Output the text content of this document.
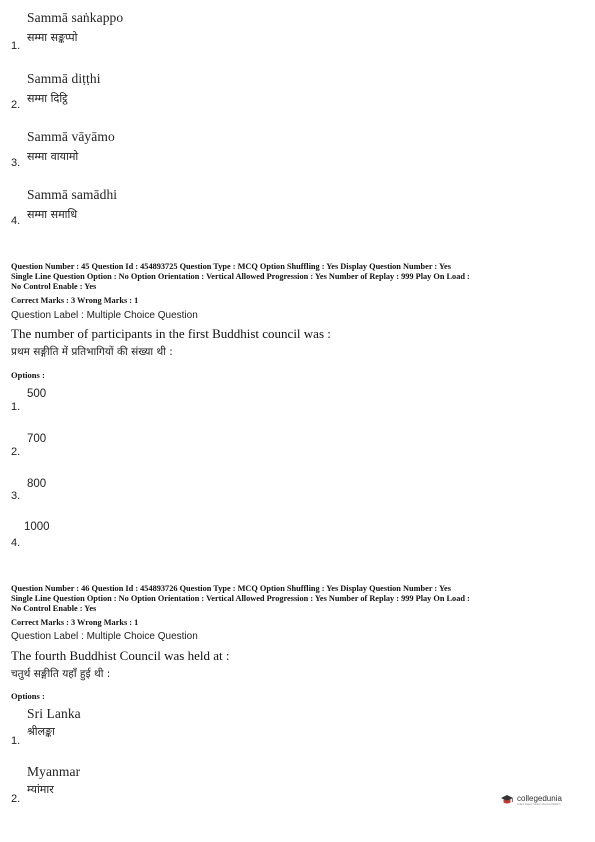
Sammā saṅkappo
सम्मा सङ्कप्पो
1.
Sammā diṭṭhi
सम्मा दिट्ठि
2.
Sammā vāyāmo
सम्मा वायामो
3.
Sammā samādhi
सम्मा समाधि
4.
Question Number : 45 Question Id : 454893725 Question Type : MCQ Option Shuffling : Yes Display Question Number : Yes
Single Line Question Option : No Option Orientation : Vertical Allowed Progression : Yes Number of Replay : 999 Play On Load :
No Control Enable : Yes
Correct Marks : 3 Wrong Marks : 1
Question Label : Multiple Choice Question
The number of participants in the first Buddhist council was :
प्रथम सङ्गीति में प्रतिभागियों की संख्या थी :
Options :
500
1.
700
2.
800
3.
1000
4.
Question Number : 46 Question Id : 454893726 Question Type : MCQ Option Shuffling : Yes Display Question Number : Yes
Single Line Question Option : No Option Orientation : Vertical Allowed Progression : Yes Number of Replay : 999 Play On Load :
No Control Enable : Yes
Correct Marks : 3 Wrong Marks : 1
Question Label : Multiple Choice Question
The fourth Buddhist Council was held at :
चतुर्थ सङ्गीति यहाँ हुई थी :
Options :
Sri Lanka
श्रीलङ्का
1.
Myanmar
म्यांमार
2.	collegedunia
India's largest Student Review Platform
